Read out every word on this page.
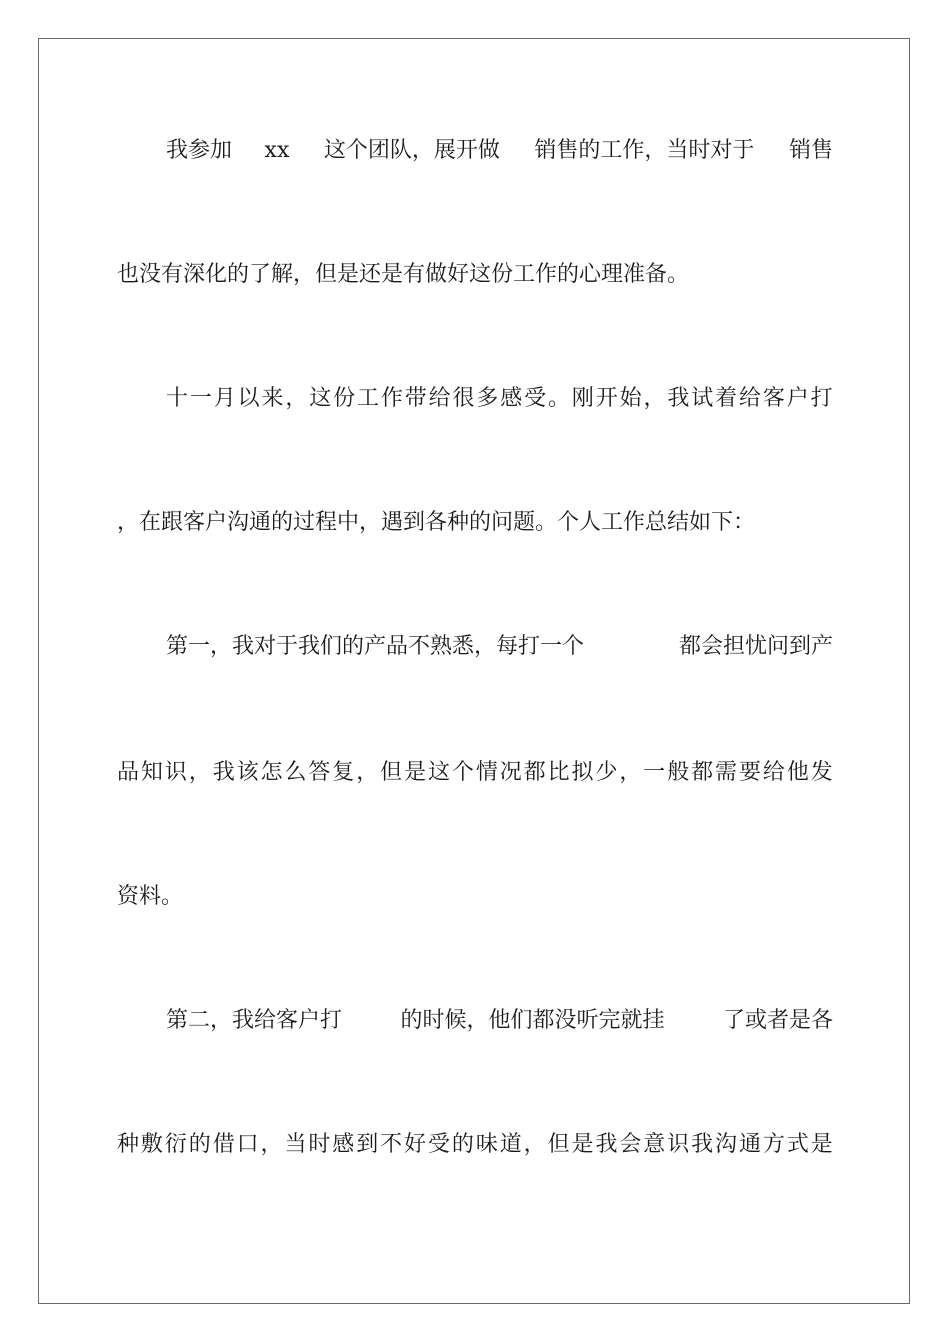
我参加 xx 这个团队，展开做 销售的工作，当时对于 销售

也没有深化的了解，但是还是有做好这份工作的心理准备。

十 一 月 以 来 ， 这 份 工 作 带 给 很 多 感 受 。 刚 开 始 ， 我 试 着 给 客 户 打

，在跟客户沟通的过程中，遇到各种的问题。个人工作总结如下：

第一，我对于我们的产品不熟悉，每打一个	都会担忧问到产

品 知 识 ， 我 该 怎 么 答 复 ， 但 是 这 个 情 况 都 比 拟 少 ， 一 般 都 需 要 给 他 发

资料。

第二，我给客户打	的时候，他们都没听完就挂	了或者是各

种 敷 衍 的 借 口 ， 当 时 感 到 不 好 受 的 味 道 ， 但 是 我 会 意 识 我 沟 通 方 式 是
